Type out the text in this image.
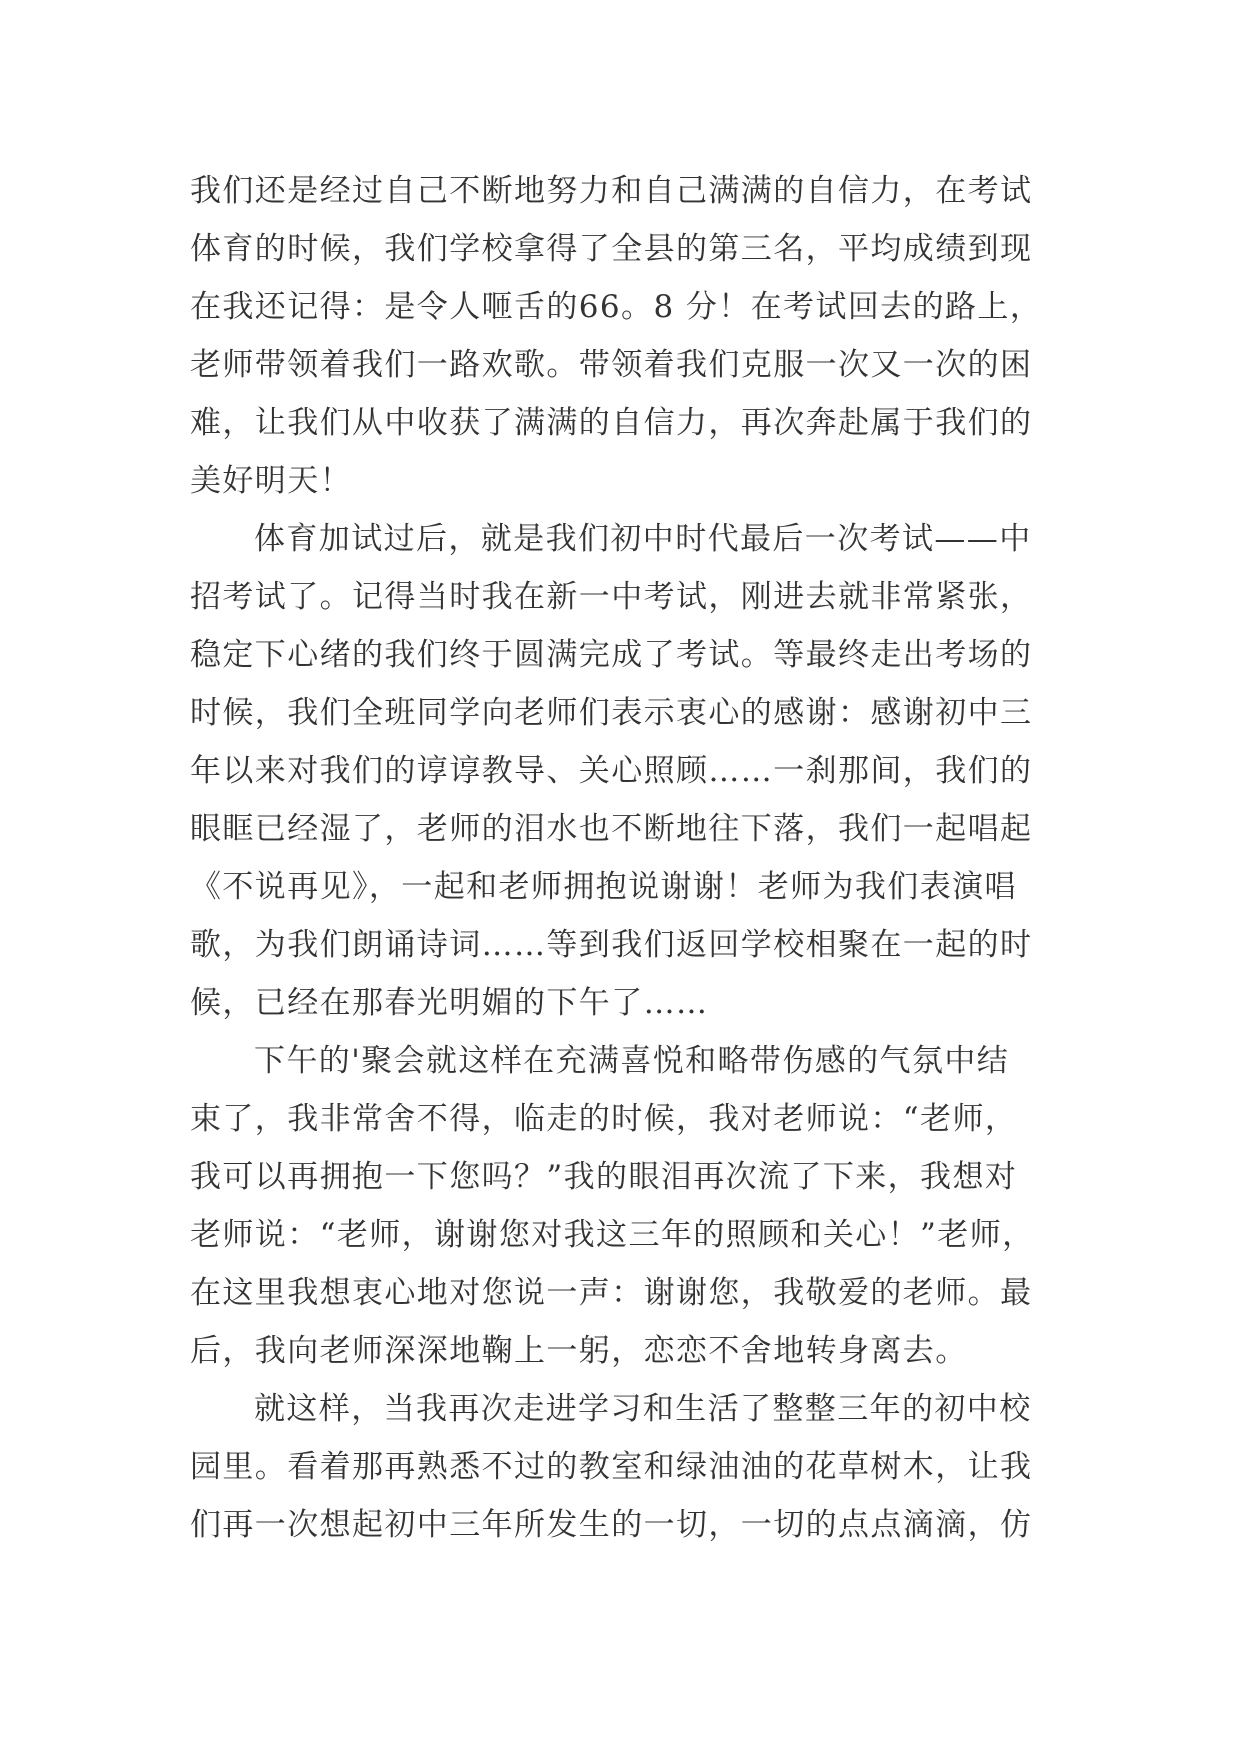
我们还是经过自己不断地努力和自己满满的自信力，在考试
体育的时候，我们学校拿得了全县的第三名，平均成绩到现
在我还记得：是令人咂舌的66。8 分！在考试回去的路上，
老师带领着我们一路欢歌。带领着我们克服一次又一次的困
难，让我们从中收获了满满的自信力，再次奔赴属于我们的
美好明天！
体育加试过后，就是我们初中时代最后一次考试——中
招考试了。记得当时我在新一中考试，刚进去就非常紧张，
稳定下心绪的我们终于圆满完成了考试。等最终走出考场的
时候，我们全班同学向老师们表示衷心的感谢：感谢初中三
年以来对我们的谆谆教导、关心照顾……一刹那间，我们的
眼眶已经湿了，老师的泪水也不断地往下落，我们一起唱起
《不说再见》，一起和老师拥抱说谢谢！老师为我们表演唱
歌，为我们朗诵诗词……等到我们返回学校相聚在一起的时
候，已经在那春光明媚的下午了……
下午的'聚会就这样在充满喜悦和略带伤感的气氛中结
束了，我非常舍不得，临走的时候，我对老师说：“老师，
我可以再拥抱一下您吗？”我的眼泪再次流了下来，我想对
老师说：“老师，谢谢您对我这三年的照顾和关心！”老师，
在这里我想衷心地对您说一声：谢谢您，我敬爱的老师。最
后，我向老师深深地鞠上一躬，恋恋不舍地转身离去。
就这样，当我再次走进学习和生活了整整三年的初中校
园里。看着那再熟悉不过的教室和绿油油的花草树木，让我
们再一次想起初中三年所发生的一切，一切的点点滴滴，仿
